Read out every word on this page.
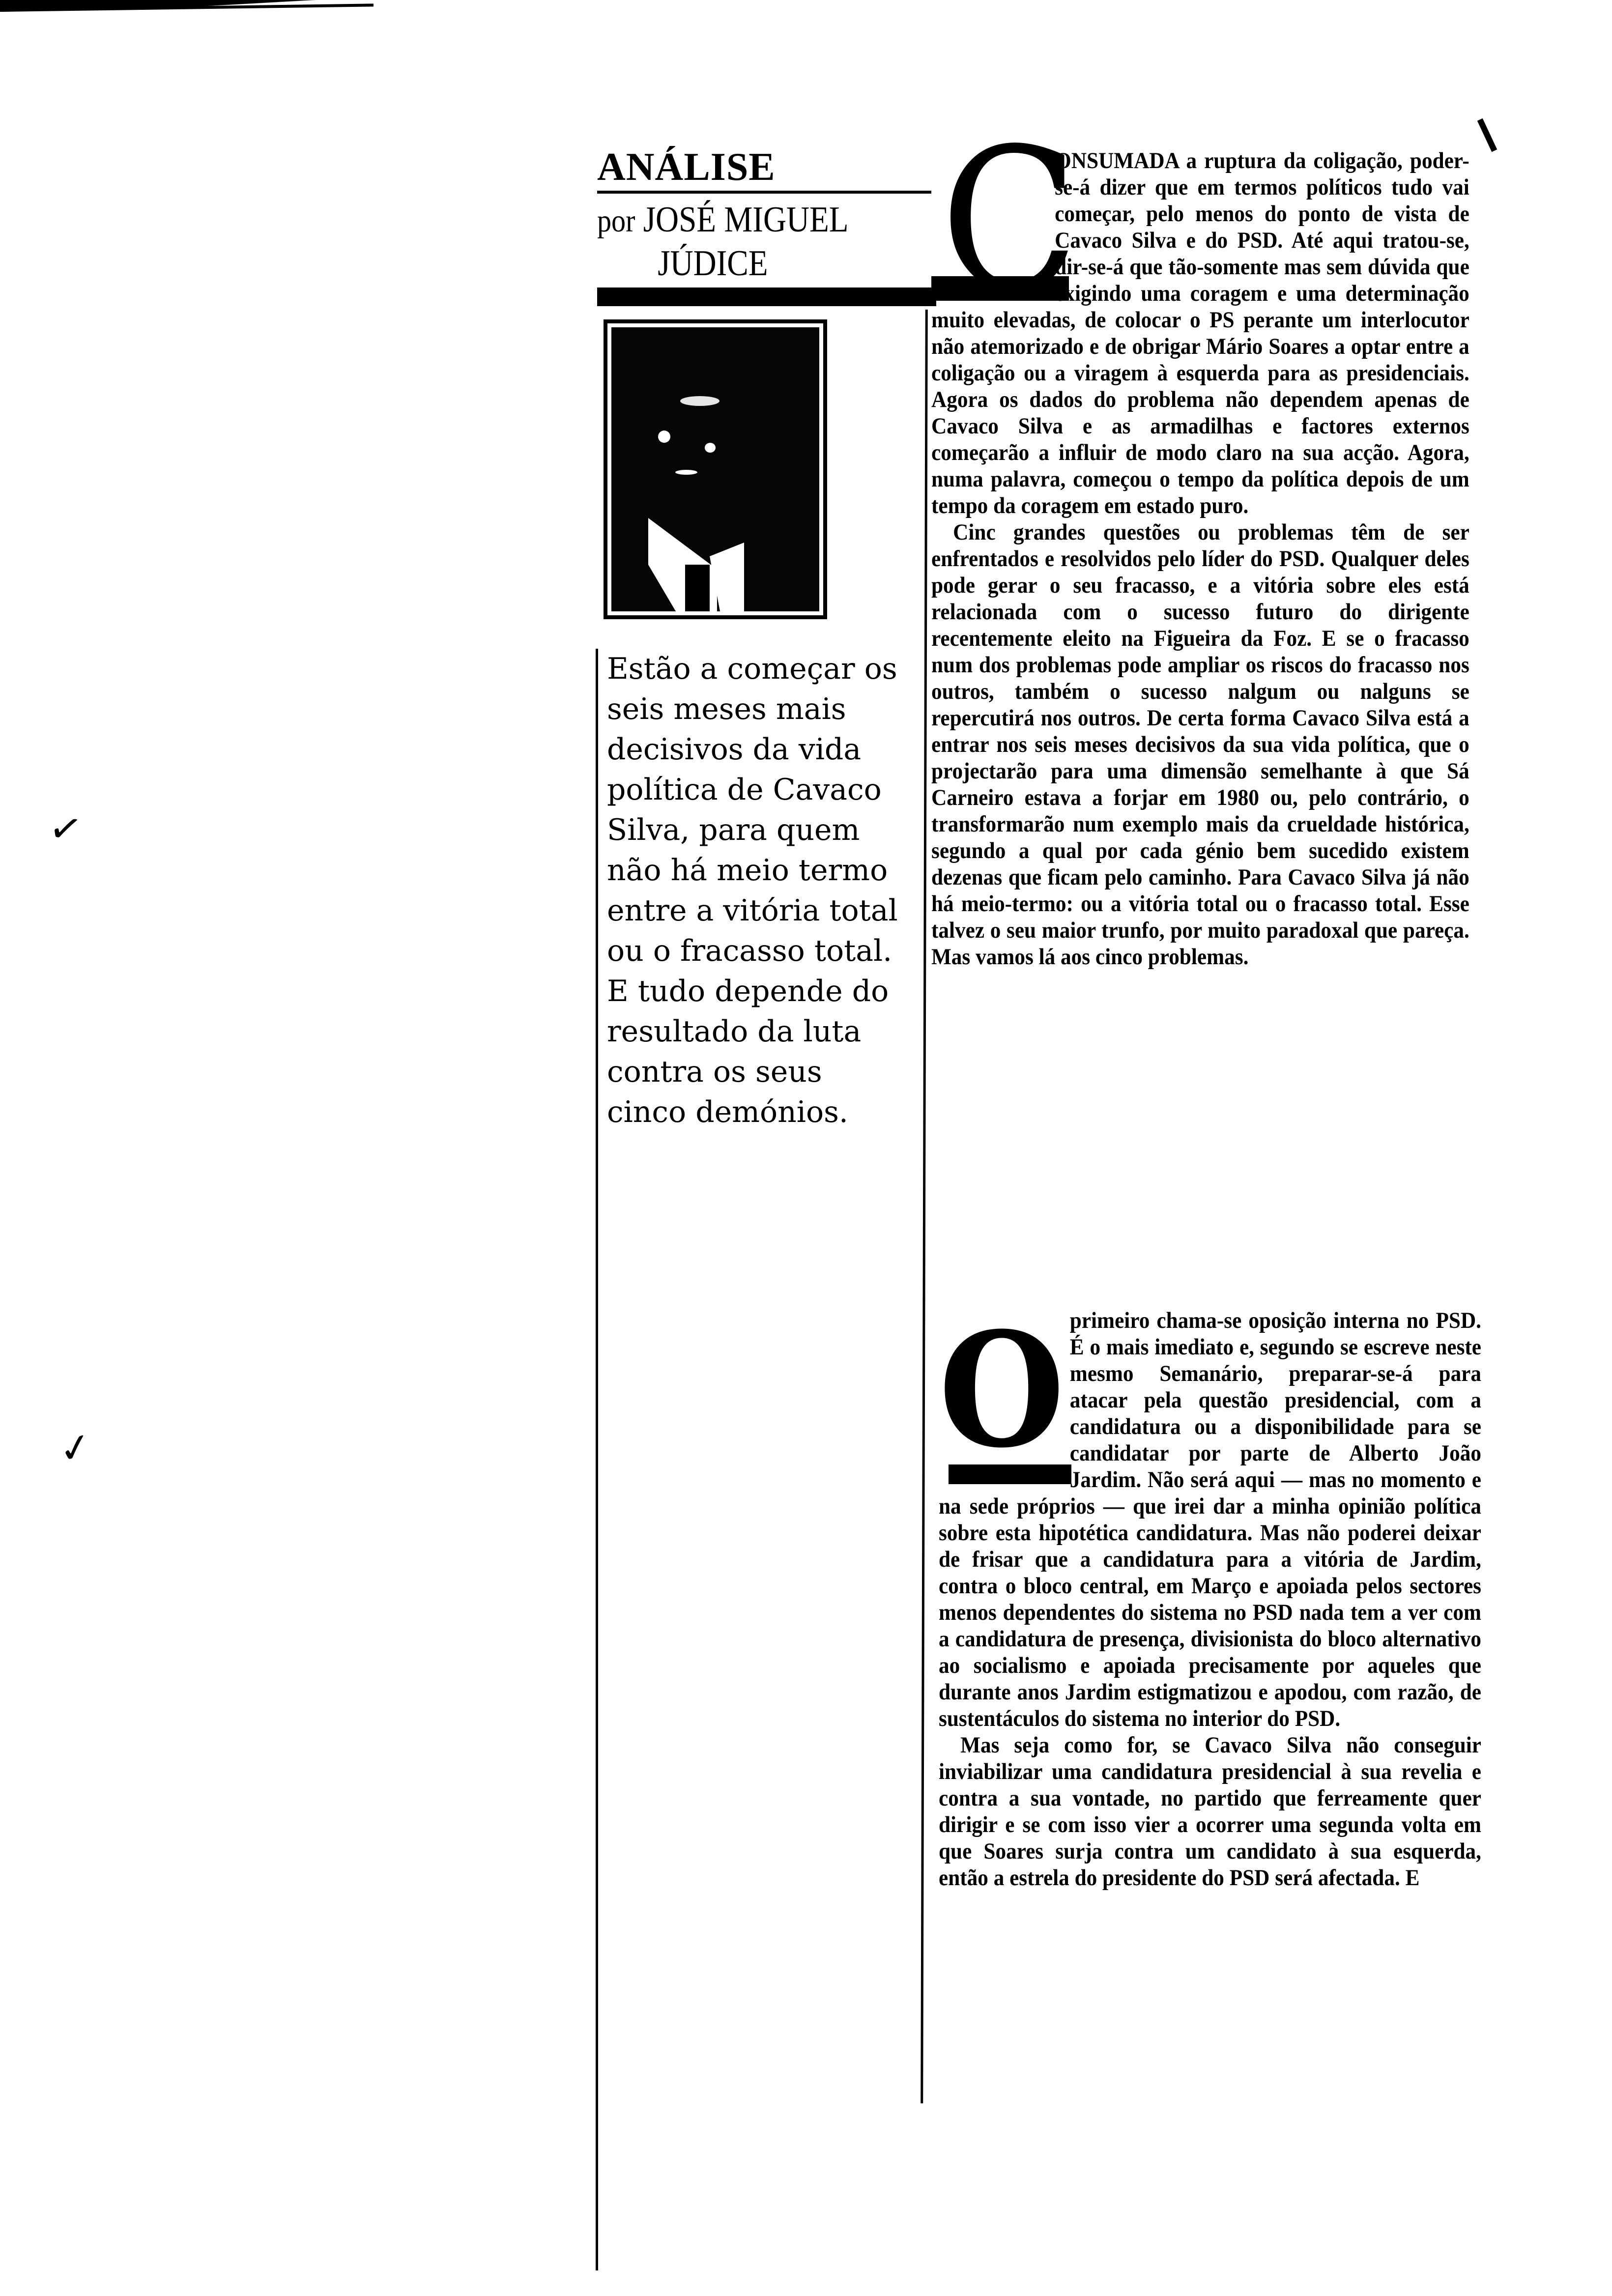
ANÁLISE
por JOSÉ MIGUEL
JÚDICE

Estão a começar os

seis meses mais

decisivos da vida

política de Cavaco

Silva, para quem

não há meio termo

entre a vitória total

ou o fracasso total.

E tudo depende do

resultado da luta

contra os seus

cinco demónios.

C

ONSUMADA a ruptura da coligação, poder-se-á dizer que em termos políticos tudo vai começar, pelo menos do ponto de vista de Cavaco Silva e do PSD. Até aqui tratou-se, dir-se-á que tão-somente mas sem dúvida que exigindo uma coragem e uma determinação muito elevadas, de colocar o PS perante um interlocutor não atemorizado e de obrigar Mário Soares a optar entre a coligação ou a viragem à esquerda para as presidenciais. Agora os dados do problema não dependem apenas de Cavaco Silva e as armadilhas e factores externos começarão a influir de modo claro na sua acção. Agora, numa palavra, começou o tempo da política depois de um tempo da coragem em estado puro.

Cinc grandes questões ou problemas têm de ser enfrentados e resolvidos pelo líder do PSD. Qualquer deles pode gerar o seu fracasso, e a vitória sobre eles está relacionada com o sucesso futuro do dirigente recentemente eleito na Figueira da Foz. E se o fracasso num dos problemas pode ampliar os riscos do fracasso nos outros, também o sucesso nalgum ou nalguns se repercutirá nos outros. De certa forma Cavaco Silva está a entrar nos seis meses decisivos da sua vida política, que o projectarão para uma dimensão semelhante à que Sá Carneiro estava a forjar em 1980 ou, pelo contrário, o transformarão num exemplo mais da crueldade histórica, segundo a qual por cada génio bem sucedido existem dezenas que ficam pelo caminho. Para Cavaco Silva já não há meio-termo: ou a vitória total ou o fracasso total. Esse talvez o seu maior trunfo, por muito paradoxal que pareça. Mas vamos lá aos cinco problemas.

O primeiro chama-se oposição interna no PSD. É o mais imediato e, segundo se escreve neste mesmo Semanário, preparar-se-á para atacar pela questão presidencial, com a candidatura ou a disponibilidade para se candidatar por parte de Alberto João Jardim. Não será aqui — mas no momento e na sede próprios — que irei dar a minha opinião política sobre esta hipotética candidatura. Mas não poderei deixar de frisar que a candidatura para a vitória de Jardim, contra o bloco central, em Março e apoiada pelos sectores menos dependentes do sistema no PSD nada tem a ver com a candidatura de presença, divisionista do bloco alternativo ao socialismo e apoiada precisamente por aqueles que durante anos Jardim estigmatizou e apodou, com razão, de sustentáculos do sistema no interior do PSD.

Mas seja como for, se Cavaco Silva não conseguir inviabilizar uma candidatura presidencial à sua revelia e contra a sua vontade, no partido que ferreamente quer dirigir e se com isso vier a ocorrer uma segunda volta em que Soares surja contra um candidato à sua esquerda, então a estrela do presidente do PSD será afectada. E

✓
✓
